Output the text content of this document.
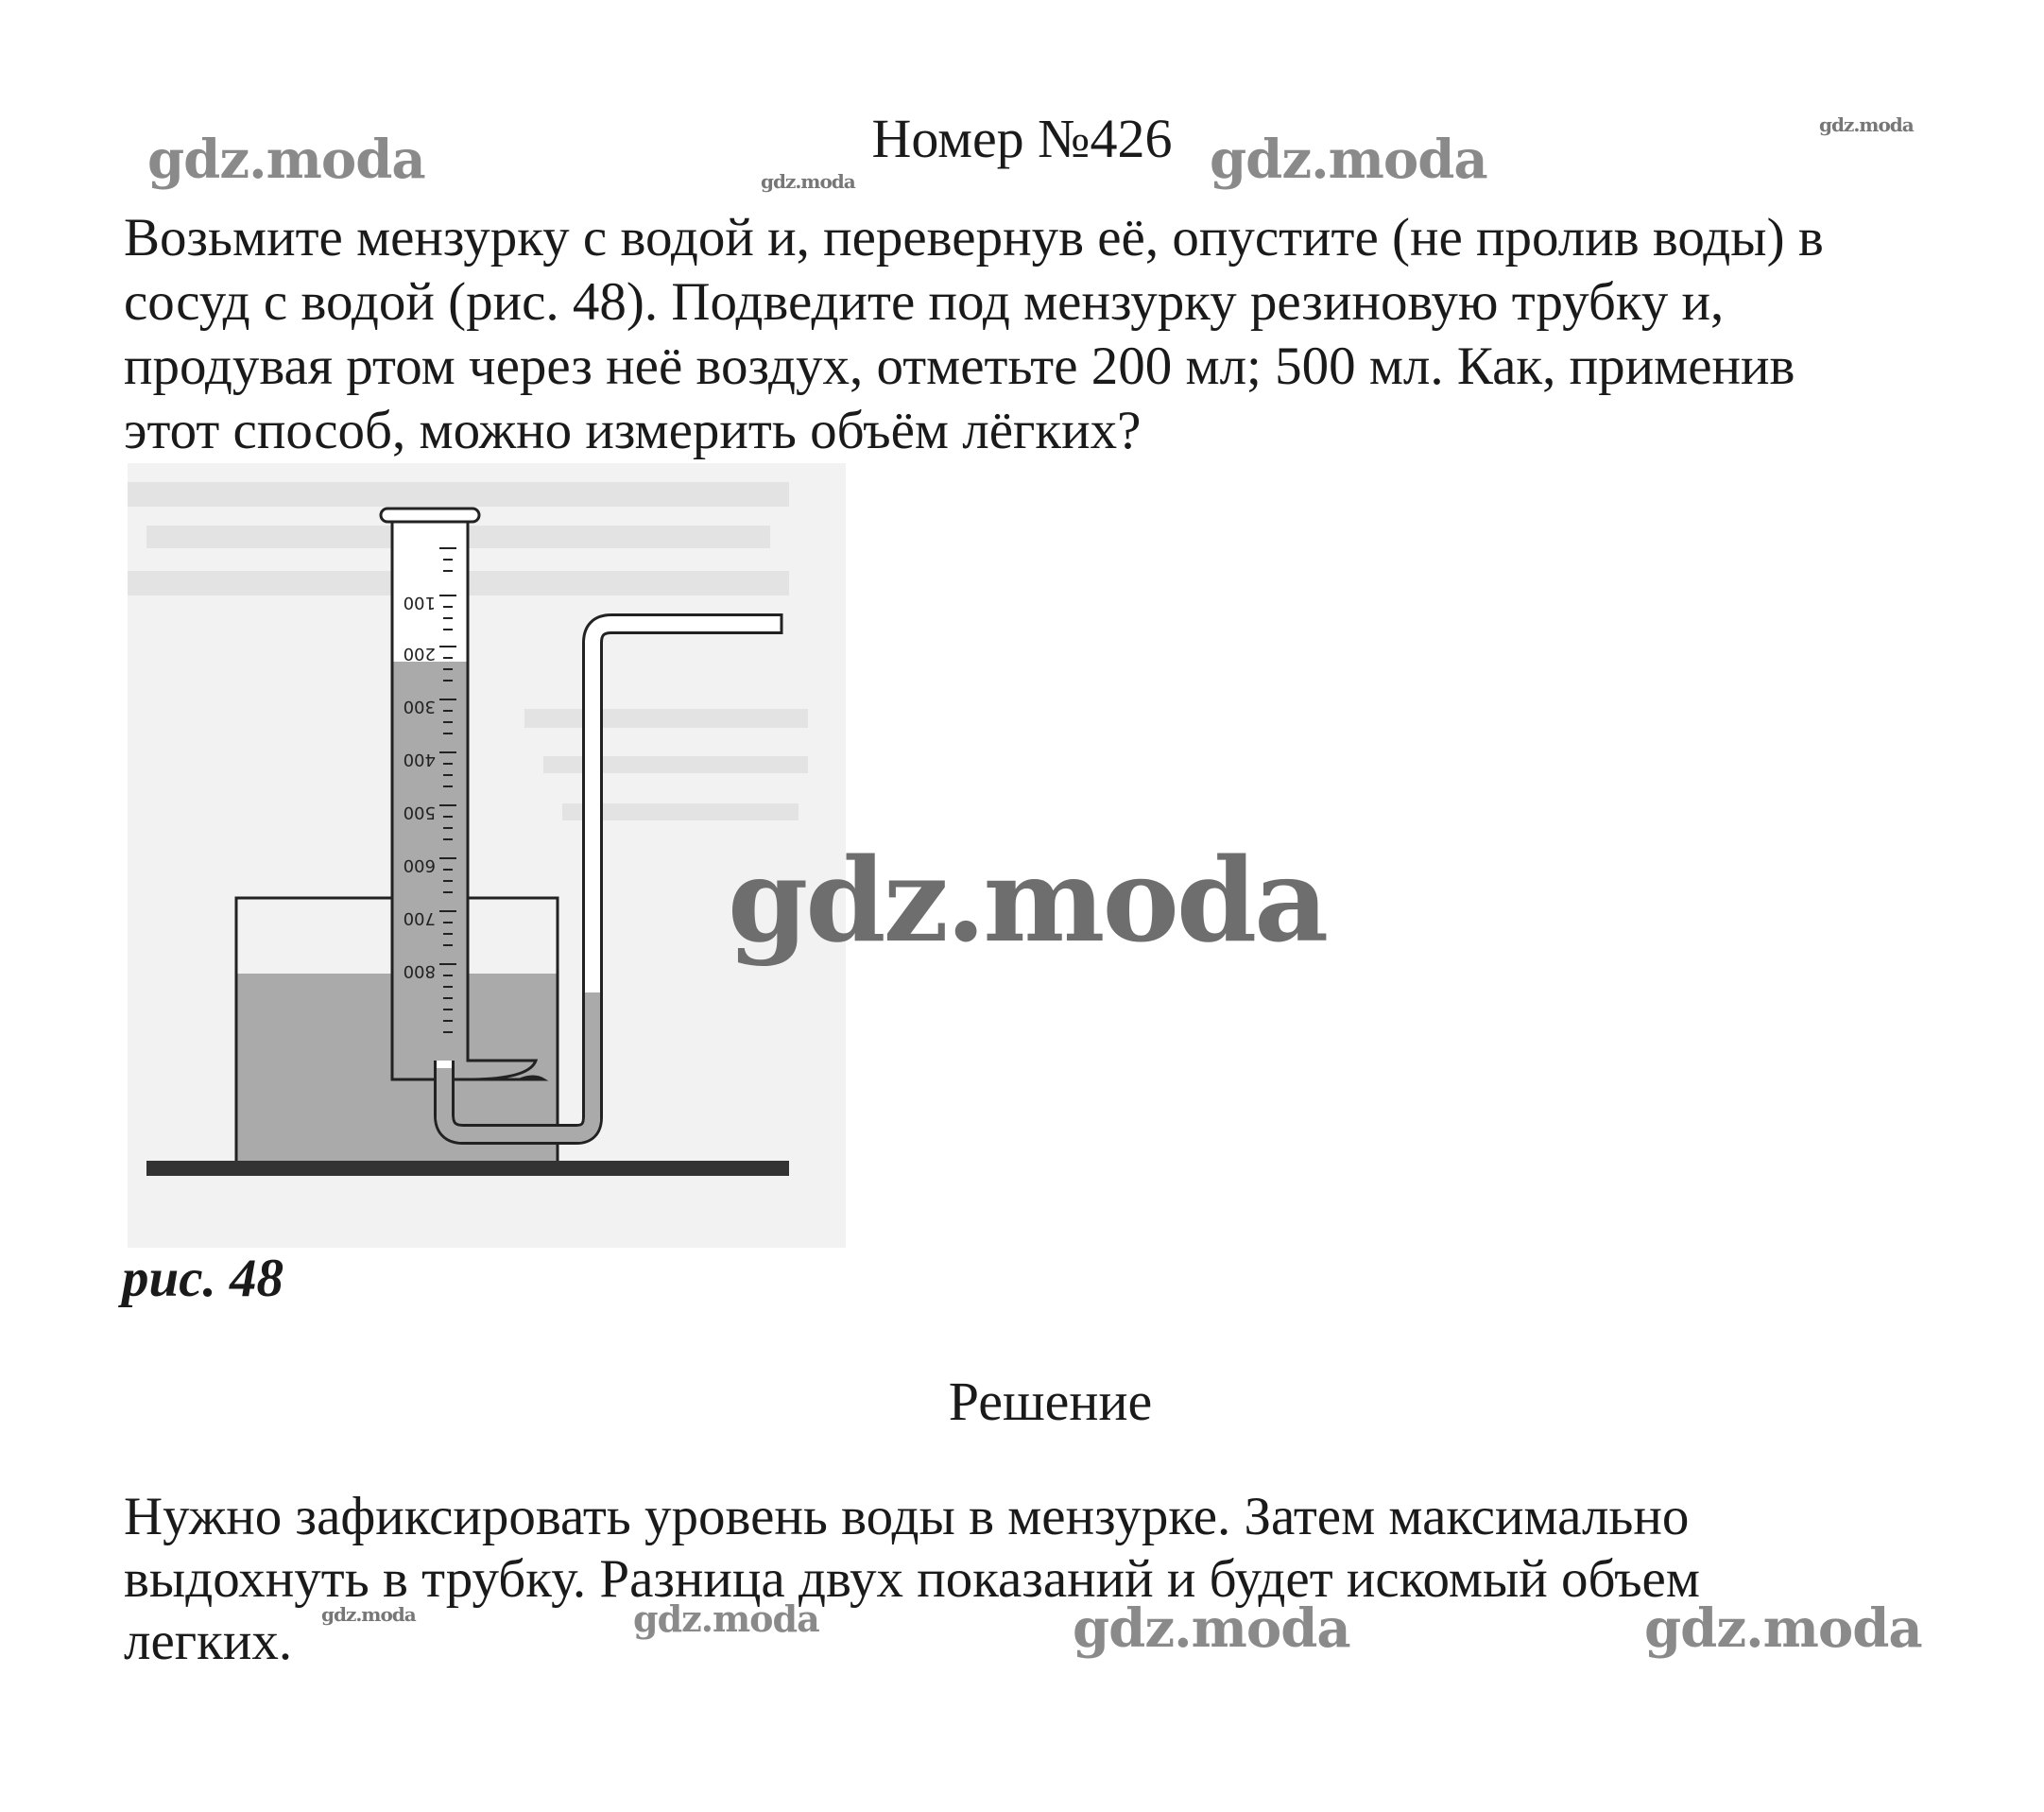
Номер №426
Возьмите мензурку с водой и, перевернув её, опустите (не пролив воды) в
сосуд с водой (рис. 48). Подведите под мензурку резиновую трубку и,
продувая ртом через неё воздух, отметьте 200 мл; 500 мл. Как, применив
этот способ, можно измерить объём лёгких?
100
200
300
400
500
600
700
800
рис. 48
Решение
Нужно зафиксировать уровень воды в мензурке. Затем максимально
выдохнуть в трубку. Разница двух показаний и будет искомый объем
легких.
gdz.moda	gdz.moda	gdz.moda
gdz.moda
gdz.moda
gdz.moda	gdz.moda	gdz.moda	gdz.moda
